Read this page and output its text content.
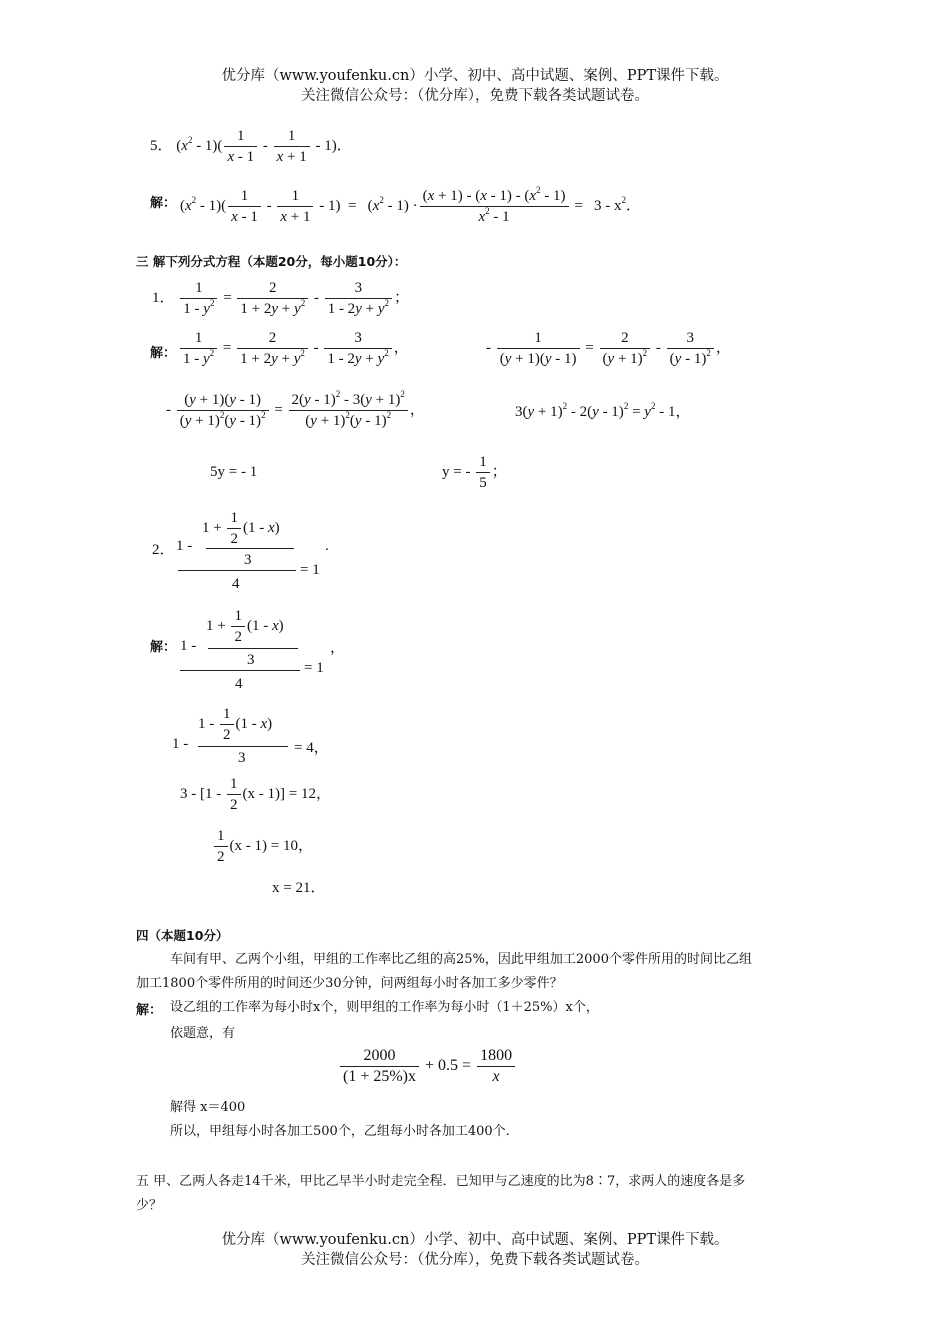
优分库（www.youfenku.cn）小学、初中、高中试题、案例、PPT课件下载。
关注微信公众号：（优分库），免费下载各类试题试卷。
5． $(x^2 - 1)( \frac{1}{x - 1} - \frac{1}{x + 1} - 1)$．
解： $(x^2 - 1)( \frac{1}{x - 1} - \frac{1}{x + 1} - 1) = (x^2 - 1) \cdot \frac{(x + 1) - (x - 1) - (x^2 - 1)}{x^2 - 1} = 3 - x^2$．
三 解下列分式方程（本题20分，每小题10分）：
1． $\frac{1}{1 - y^2} = \frac{2}{1 + 2y + y^2} - \frac{3}{1 - 2y + y^2}$ ；
解： $\frac{1}{1 - y^2} = \frac{2}{1 + 2y + y^2} - \frac{3}{1 - 2y + y^2}$ ，	- $\frac{1}{(y + 1)(y - 1)} = \frac{2}{(y + 1)^2} - \frac{3}{(y - 1)^2}$ ，
- $\frac{(y + 1)(y - 1)}{(y + 1)^2(y - 1)^2} = \frac{2(y - 1)^2 - 3(y + 1)^2}{(y + 1)^2(y - 1)^2}$ ，	$3(y + 1)^2 - 2(y - 1)^2 = y^2 - 1$，
5y = - 1	y = - $\frac{1}{5}$ ；
2．
$1 + \frac{1}{2} (1 - x)$
1 -
3
4
= 1
.
解：
$1 + \frac{1}{2} (1 - x)$
1 -
3
4
= 1
，
$1 - \frac{1}{2} (1 - x)$
1 -
3
= 4，
$3 - [1 - \frac{1}{2} (x - 1)] = 12$，
$\frac{1}{2} (x - 1) = 10$，
x = 21．
四（本题10分）
车间有甲、乙两个小组，甲组的工作率比乙组的高25%，因此甲组加工2000个零件所用的时间比乙组
加工1800个零件所用的时间还少30分钟，问两组每小时各加工多少零件？
解： 设乙组的工作率为每小时x个，则甲组的工作率为每小时（1＋25%）x个，
依题意，有
$\frac{2000}{(1 + 25\%)x} + 0.5 = \frac{1800}{x}$
解得 x＝400
所以，甲组每小时各加工500个，乙组每小时各加工400个.
五 甲、乙两人各走14千米，甲比乙早半小时走完全程．已知甲与乙速度的比为8∶7，求两人的速度各是多
少？
优分库（www.youfenku.cn）小学、初中、高中试题、案例、PPT课件下载。
关注微信公众号：（优分库），免费下载各类试题试卷。
